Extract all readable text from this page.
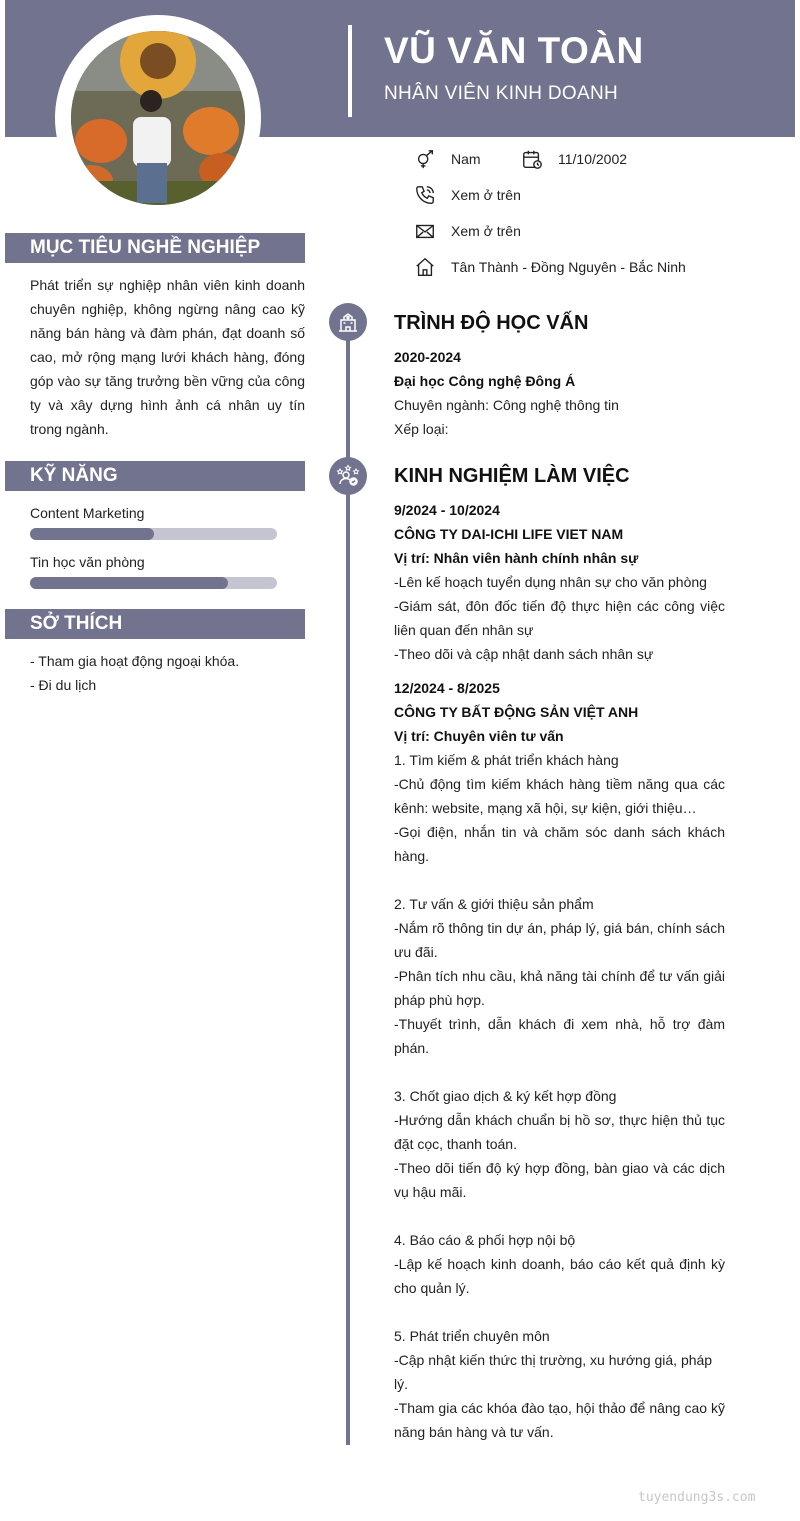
VŨ VĂN TOÀN
NHÂN VIÊN KINH DOANH
Nam	11/10/2002
Xem ở trên
Xem ở trên
Tân Thành - Đồng Nguyên - Bắc Ninh
MỤC TIÊU NGHỀ NGHIỆP
Phát triển sự nghiệp nhân viên kinh doanh chuyên nghiệp, không ngừng nâng cao kỹ năng bán hàng và đàm phán, đạt doanh số cao, mở rộng mạng lưới khách hàng, đóng góp vào sự tăng trưởng bền vững của công ty và xây dựng hình ảnh cá nhân uy tín trong ngành.
KỸ NĂNG
Content Marketing
Tin học văn phòng
SỞ THÍCH
- Tham gia hoạt động ngoại khóa.
- Đi du lịch
TRÌNH ĐỘ HỌC VẤN
2020-2024
Đại học Công nghệ Đông Á
Chuyên ngành: Công nghệ thông tin
Xếp loại:
KINH NGHIỆM LÀM VIỆC
9/2024 - 10/2024
CÔNG TY DAI-ICHI LIFE VIET NAM
Vị trí: Nhân viên hành chính nhân sự
-Lên kế hoạch tuyển dụng nhân sự cho văn phòng
-Giám sát, đôn đốc tiến độ thực hiện các công việc liên quan đến nhân sự
-Theo dõi và cập nhật danh sách nhân sự
12/2024 - 8/2025
CÔNG TY BẤT ĐỘNG SẢN VIỆT ANH
Vị trí: Chuyên viên tư vấn
1. Tìm kiếm & phát triển khách hàng
-Chủ động tìm kiếm khách hàng tiềm năng qua các kênh: website, mạng xã hội, sự kiện, giới thiệu…
-Gọi điện, nhắn tin và chăm sóc danh sách khách hàng.
2. Tư vấn & giới thiệu sản phẩm
-Nắm rõ thông tin dự án, pháp lý, giá bán, chính sách ưu đãi.
-Phân tích nhu cầu, khả năng tài chính để tư vấn giải pháp phù hợp.
-Thuyết trình, dẫn khách đi xem nhà, hỗ trợ đàm phán.
3. Chốt giao dịch & ký kết hợp đồng
-Hướng dẫn khách chuẩn bị hồ sơ, thực hiện thủ tục đặt cọc, thanh toán.
-Theo dõi tiến độ ký hợp đồng, bàn giao và các dịch vụ hậu mãi.
4. Báo cáo & phối hợp nội bộ
-Lập kế hoạch kinh doanh, báo cáo kết quả định kỳ cho quản lý.
5. Phát triển chuyên môn
-Cập nhật kiến thức thị trường, xu hướng giá, pháp lý.
-Tham gia các khóa đào tạo, hội thảo để nâng cao kỹ năng bán hàng và tư vấn.
tuyendung3s.com
